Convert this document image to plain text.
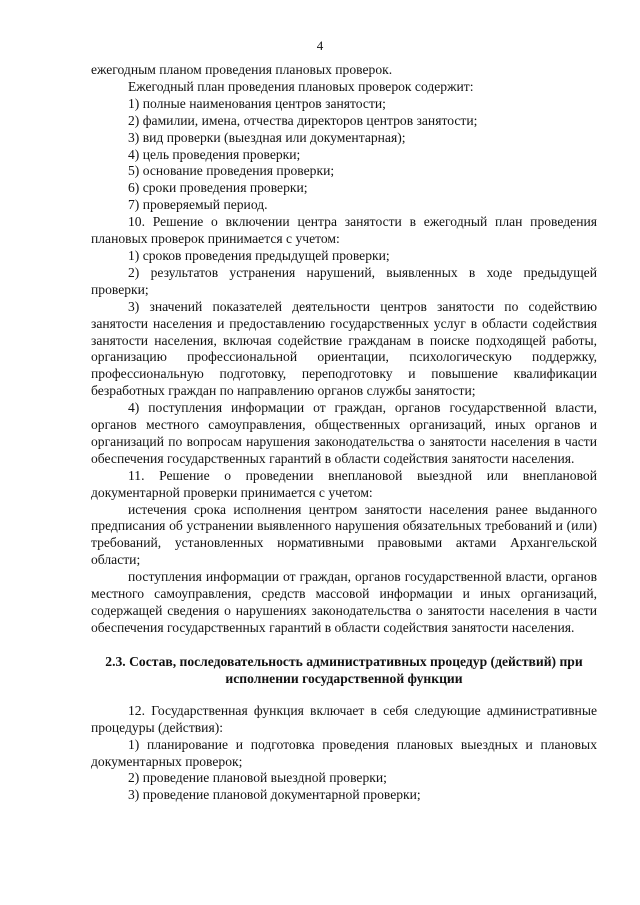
4

ежегодным планом проведения плановых проверок.

Ежегодный план проведения плановых проверок содержит:

1) полные наименования центров занятости;

2) фамилии, имена, отчества директоров центров занятости;

3) вид проверки (выездная или документарная);

4) цель проведения проверки;

5) основание проведения проверки;

6) сроки проведения проверки;

7) проверяемый период.

10. Решение о включении центра занятости в ежегодный план проведения плановых проверок принимается с учетом:

1) сроков проведения предыдущей проверки;

2) результатов устранения нарушений, выявленных в ходе предыдущей проверки;

3) значений показателей деятельности центров занятости по содействию занятости населения и предоставлению государственных услуг в области содействия занятости населения, включая содействие гражданам в поиске подходящей работы, организацию профессиональной ориентации, психологическую поддержку, профессиональную подготовку, переподготовку и повышение квалификации безработных граждан по направлению органов службы занятости;

4) поступления информации от граждан, органов государственной власти, органов местного самоуправления, общественных организаций, иных органов и организаций по вопросам нарушения законодательства о занятости населения в части обеспечения государственных гарантий в области содействия занятости населения.

11. Решение о проведении внеплановой выездной или внеплановой документарной проверки принимается с учетом:

истечения срока исполнения центром занятости населения ранее выданного предписания об устранении выявленного нарушения обязательных требований и (или) требований, установленных нормативными правовыми актами Архангельской области;

поступления информации от граждан, органов государственной власти, органов местного самоуправления, средств массовой информации и иных организаций, содержащей сведения о нарушениях законодательства о занятости населения в части обеспечения государственных гарантий в области содействия занятости населения.

2.3. Состав, последовательность административных процедур (действий) при исполнении государственной функции

12. Государственная функция включает в себя следующие административные процедуры (действия):

1) планирование и подготовка проведения плановых выездных и плановых документарных проверок;

2) проведение плановой выездной проверки;

3) проведение плановой документарной проверки;
